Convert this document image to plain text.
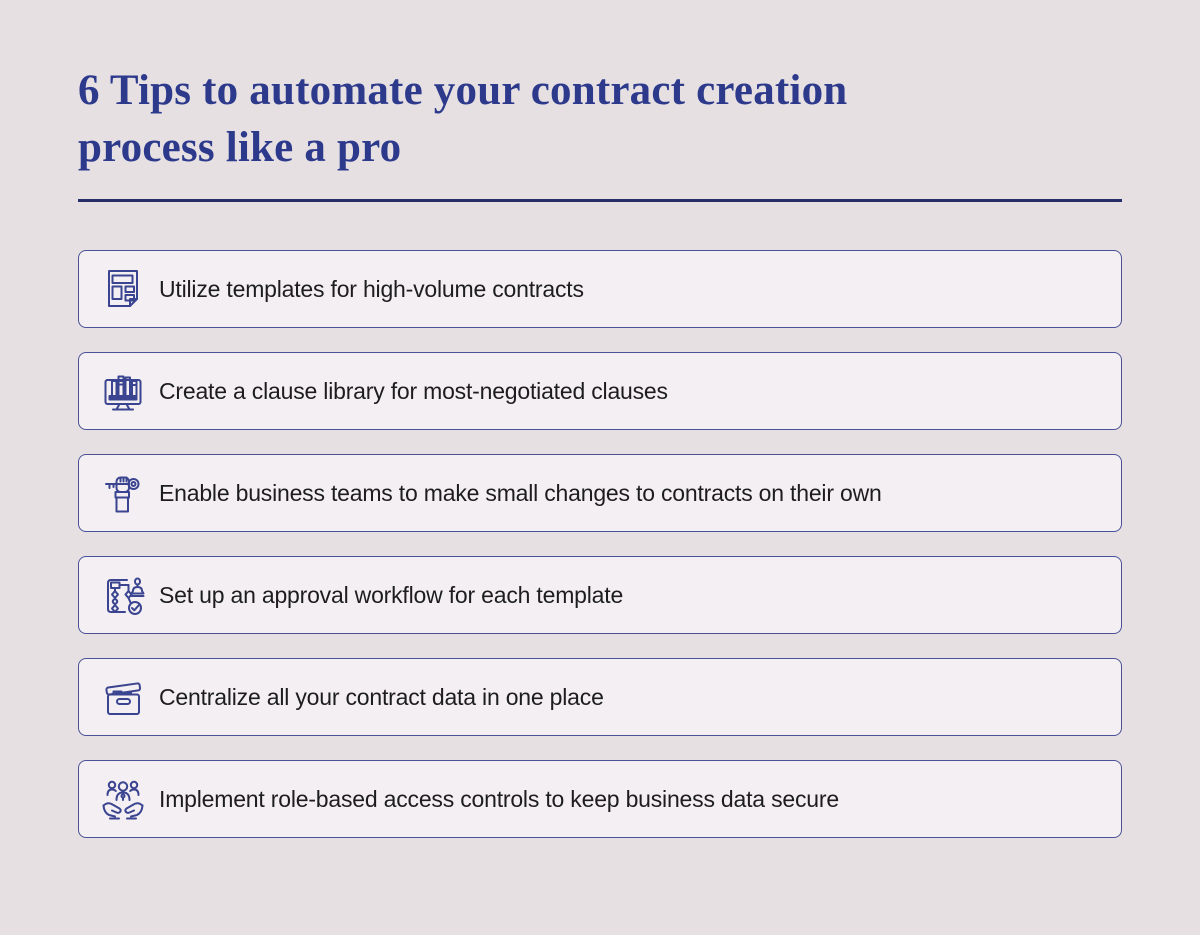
6 Tips to automate your contract creation
process like a pro
Utilize templates for high-volume contracts
Create a clause library for most-negotiated clauses
Enable business teams to make small changes to contracts on their own
Set up an approval workflow for each template
Centralize all your contract data in one place
Implement role-based access controls to keep business data secure
